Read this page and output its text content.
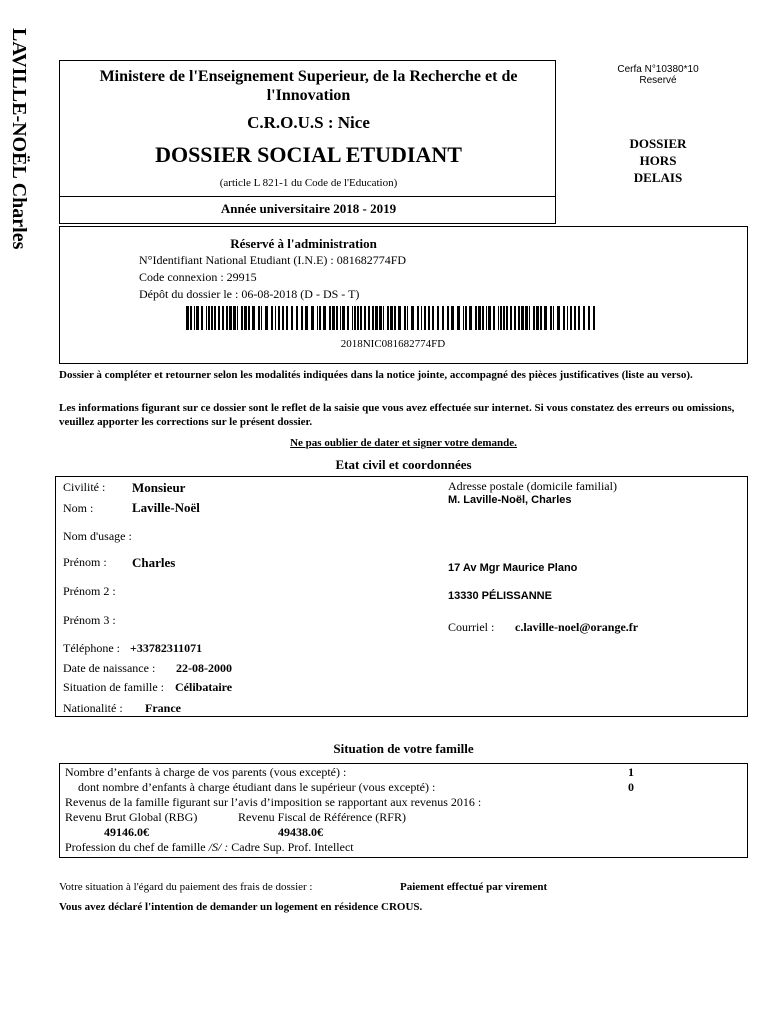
LAVILLE-NOËL Charles	Ministere de l'Enseignement Superieur, de la Recherche et de l'Innovation
C.R.O.U.S : Nice
DOSSIER SOCIAL ETUDIANT
(article L 821-1 du Code de l'Education)
Année universitaire 2018 - 2019
Cerfa N°10380*10
Reservé
DOSSIER
HORS
DELAIS
Réservé à l'administration
N°Identifiant National Etudiant (I.N.E) : 081682774FD
Code connexion : 29915
Dépôt du dossier le : 06-08-2018 (D - DS - T)
2018NIC081682774FD
Dossier à compléter et retourner selon les modalités indiquées dans la notice jointe, accompagné des pièces justificatives (liste au verso).
Les informations figurant sur ce dossier sont le reflet de la saisie que vous avez effectuée sur internet. Si vous constatez des erreurs ou omissions, veuillez apporter les corrections sur le présent dossier.
Ne pas oublier de dater et signer votre demande.
Etat civil et coordonnées
Civilité : Monsieur
Nom :	Laville-Noël
Nom d'usage :
Prénom : Charles
Prénom 2 :
Prénom 3 :
Téléphone : +33782311071
Date de naissance : 22-08-2000
Situation de famille : Célibataire
Nationalité : France
Adresse postale (domicile familial)
M. Laville-Noël, Charles
17 Av Mgr Maurice Plano
13330 PÉLISSANNE
Courriel : c.laville-noel@orange.fr
Situation de votre famille
Nombre d’enfants à charge de vos parents (vous excepté) :	1
dont nombre d’enfants à charge étudiant dans le supérieur (vous excepté) :	0
Revenus de la famille figurant sur l’avis d’imposition se rapportant aux revenus 2016 :
Revenu Brut Global (RBG)	Revenu Fiscal de Référence (RFR)
49146.0€	49438.0€
Profession du chef de famille /S/ : Cadre Sup. Prof. Intellect
Votre situation à l'égard du paiement des frais de dossier :	Paiement effectué par virement
Vous avez déclaré l'intention de demander un logement en résidence CROUS.
